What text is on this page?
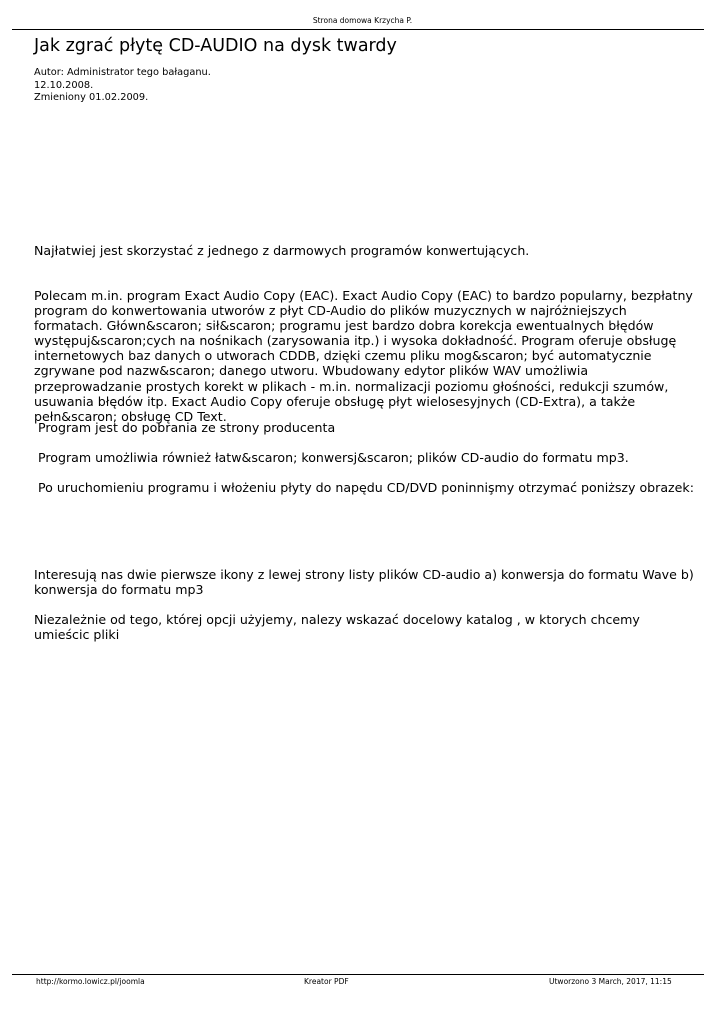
Strona domowa Krzycha P.
Jak zgrać płytę CD-AUDIO na dysk twardy
Autor: Administrator tego bałaganu.
12.10.2008.
Zmieniony 01.02.2009.

Najłatwiej jest skorzystać z jednego z darmowych programów konwertujących.

Polecam m.in. program Exact Audio Copy (EAC). Exact Audio Copy (EAC) to bardzo popularny, bezpłatny program do konwertowania utworów z płyt CD-Audio do plików muzycznych w najróżniejszych formatach. Główn&scaron; sił&scaron; programu jest bardzo dobra korekcja ewentualnych błędów występuj&scaron;cych na nośnikach (zarysowania itp.) i wysoka dokładność. Program oferuje obsługę internetowych baz danych o utworach CDDB, dzięki czemu pliku mog&scaron; być automatycznie zgrywane pod nazw&scaron; danego utworu. Wbudowany edytor plików WAV umożliwia przeprowadzanie prostych korekt w plikach - m.in. normalizacji poziomu głośności, redukcji szumów, usuwania błędów itp. Exact Audio Copy oferuje obsługę płyt wielosesyjnych (CD-Extra), a także pełn&scaron; obsługę CD Text.

Program jest do pobrania ze strony producenta

Program umożliwia również łatw&scaron; konwersj&scaron; plików CD-audio do formatu mp3.

Po uruchomieniu programu i włożeniu płyty do napędu CD/DVD poninnişmy otrzymać poniższy obrazek:

Interesują nas dwie pierwsze ikony z lewej strony listy plików CD-audio a) konwersja do formatu Wave b) konwersja do formatu mp3

Niezależnie od tego, której opcji użyjemy, nalezy wskazać docelowy katalog , w ktorych chcemy umieścic pliki

http://kormo.lowicz.pl/joomla	Kreator PDF	Utworzono 3 March, 2017, 11:15
